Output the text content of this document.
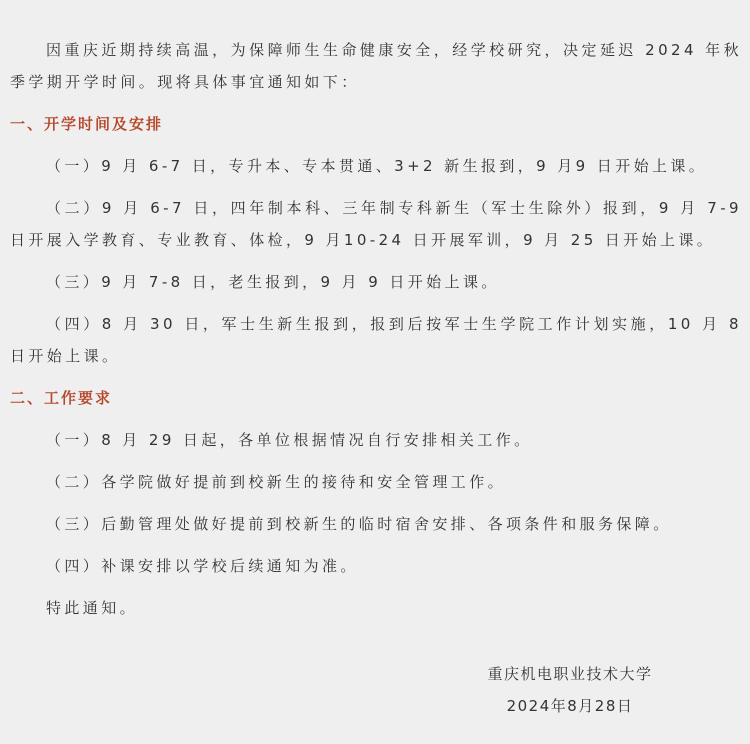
因重庆近期持续高温，为保障师生生命健康安全，经学校研究，决定延迟 2024 年秋季学期开学时间。现将具体事宜通知如下：

一、开学时间及安排

（一）9 月 6-7 日，专升本、专本贯通、3+2 新生报到，9 月9 日开始上课。

（二）9 月 6-7 日，四年制本科、三年制专科新生（军士生除外）报到，9 月 7-9 日开展入学教育、专业教育、体检，9 月10-24 日开展军训，9 月 25 日开始上课。

（三）9 月 7-8 日，老生报到，9 月 9 日开始上课。

（四）8 月 30 日，军士生新生报到，报到后按军士生学院工作计划实施，10 月 8 日开始上课。

二、工作要求

（一）8 月 29 日起，各单位根据情况自行安排相关工作。

（二）各学院做好提前到校新生的接待和安全管理工作。

（三）后勤管理处做好提前到校新生的临时宿舍安排、各项条件和服务保障。

（四）补课安排以学校后续通知为准。

特此通知。

重庆机电职业技术大学
2024年8月28日
